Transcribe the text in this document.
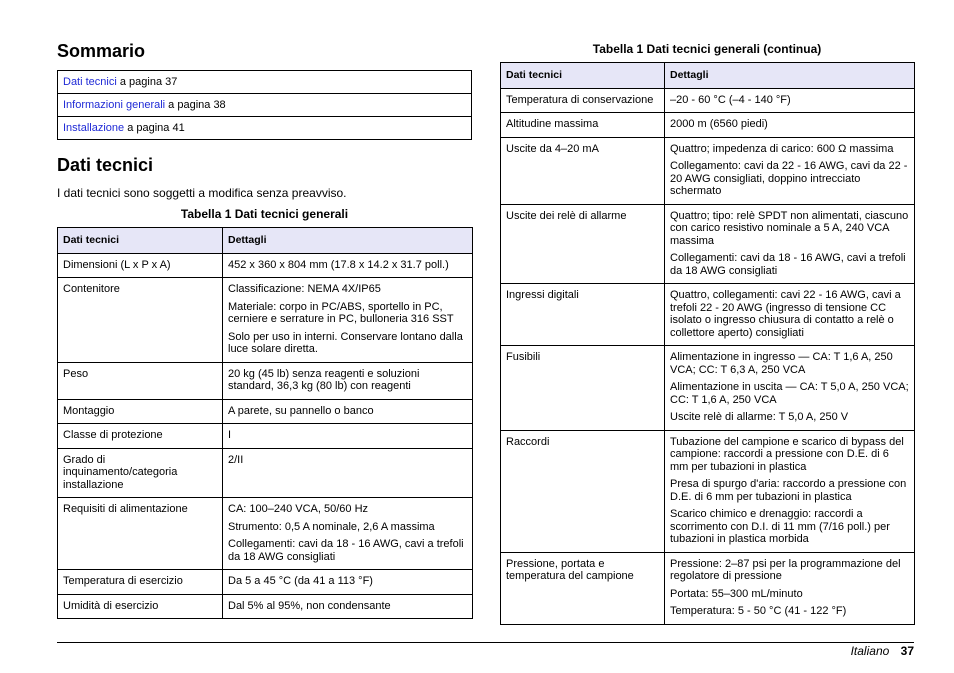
Sommario
Dati tecnici a pagina 37
Informazioni generali a pagina 38
Installazione a pagina 41
Dati tecnici

I dati tecnici sono soggetti a modifica senza preavviso.

Tabella 1 Dati tecnici generali

Dati tecnici	Dettagli
Dimensioni (L x P x A)	452 x 360 x 804 mm (17.8 x 14.2 x 31.7 poll.)

Contenitore	Classificazione: NEMA 4X/IP65

Materiale: corpo in PC/ABS, sportello in PC, cerniere e serrature in PC, bulloneria 316 SST

Solo per uso in interni. Conservare lontano dalla luce solare diretta.

Peso	20 kg (45 lb) senza reagenti e soluzioni standard, 36,3 kg (80 lb) con reagenti

Montaggio	A parete, su pannello o banco

Classe di protezione	I

Grado di inquinamento/categoria installazione	2/II

Requisiti di alimentazione	CA: 100–240 VCA, 50/60 Hz

Strumento: 0,5 A nominale, 2,6 A massima

Collegamenti: cavi da 18 - 16 AWG, cavi a trefoli da 18 AWG consigliati

Temperatura di esercizio	Da 5 a 45 °C (da 41 a 113 °F)

Umidità di esercizio	Dal 5% al 95%, non condensante

Tabella 1 Dati tecnici generali (continua)

Dati tecnici	Dettagli
Temperatura di conservazione	–20 - 60 °C (–4 - 140 °F)

Altitudine massima	2000 m (6560 piedi)

Uscite da 4–20 mA	Quattro; impedenza di carico: 600 Ω massima

Collegamento: cavi da 22 - 16 AWG, cavi da 22 - 20 AWG consigliati, doppino intrecciato schermato

Uscite dei relè di allarme	Quattro; tipo: relè SPDT non alimentati, ciascuno con carico resistivo nominale a 5 A, 240 VCA massima

Collegamenti: cavi da 18 - 16 AWG, cavi a trefoli da 18 AWG consigliati

Ingressi digitali	Quattro, collegamenti: cavi 22 - 16 AWG, cavi a trefoli 22 - 20 AWG (ingresso di tensione CC isolato o ingresso chiusura di contatto a relè o collettore aperto) consigliati

Fusibili	Alimentazione in ingresso — CA: T 1,6 A, 250 VCA; CC: T 6,3 A, 250 VCA

Alimentazione in uscita — CA: T 5,0 A, 250 VCA; CC: T 1,6 A, 250 VCA

Uscite relè di allarme: T 5,0 A, 250 V

Raccordi	Tubazione del campione e scarico di bypass del campione: raccordi a pressione con D.E. di 6 mm per tubazioni in plastica

Presa di spurgo d'aria: raccordo a pressione con D.E. di 6 mm per tubazioni in plastica

Scarico chimico e drenaggio: raccordi a scorrimento con D.I. di 11 mm (7/16 poll.) per tubazioni in plastica morbida

Pressione, portata e temperatura del campione	Pressione: 2–87 psi per la programmazione del regolatore di pressione

Portata: 55–300 mL/minuto

Temperatura: 5 - 50 °C (41 - 122 °F)

Italiano 37
